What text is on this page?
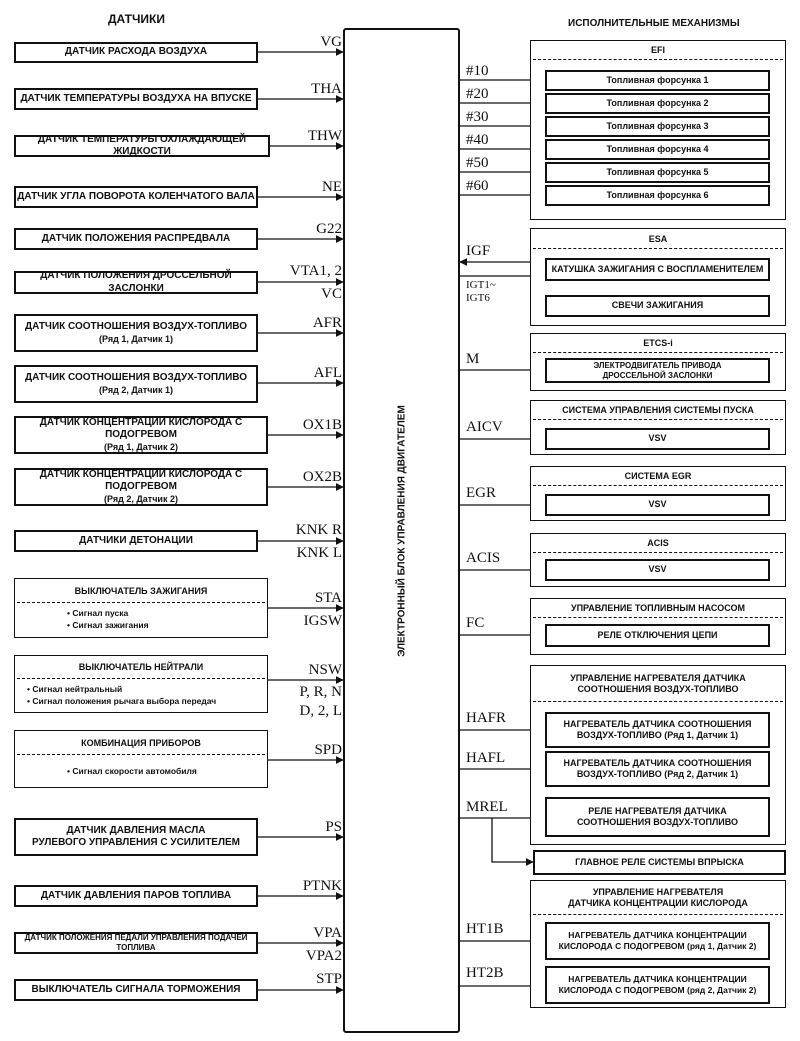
ДАТЧИКИ	ИСПОЛНИТЕЛЬНЫЕ МЕХАНИЗМЫ
ЭЛЕКТРОННЫЙ БЛОК УПРАВЛЕНИЯ ДВИГАТЕЛЕМ
ДАТЧИК РАСХОДА ВОЗДУХА
VG
ДАТЧИК ТЕМПЕРАТУРЫ ВОЗДУХА НА ВПУСКЕ
THA
ДАТЧИК ТЕМПЕРАТУРЫ ОХЛАЖДАЮЩЕЙ ЖИДКОСТИ
THW
ДАТЧИК УГЛА ПОВОРОТА КОЛЕНЧАТОГО ВАЛА
NE
ДАТЧИК ПОЛОЖЕНИЯ РАСПРЕДВАЛА
G22
ДАТЧИК ПОЛОЖЕНИЯ ДРОССЕЛЬНОЙ ЗАСЛОНКИ
VTA1, 2
VC
ДАТЧИК СООТНОШЕНИЯ ВОЗДУХ-ТОПЛИВО
(Ряд 1, Датчик 1)
AFR
ДАТЧИК СООТНОШЕНИЯ ВОЗДУХ-ТОПЛИВО
(Ряд 2, Датчик 1)
AFL
ДАТЧИК КОНЦЕНТРАЦИИ КИСЛОРОДА С ПОДОГРЕВОМ
(Ряд 1, Датчик 2)
OX1B
ДАТЧИК КОНЦЕНТРАЦИИ КИСЛОРОДА С ПОДОГРЕВОМ
(Ряд 2, Датчик 2)
OX2B
ДАТЧИКИ ДЕТОНАЦИИ
KNK R
KNK L
ВЫКЛЮЧАТЕЛЬ ЗАЖИГАНИЯ
• Сигнал пуска
• Сигнал зажигания
STA
IGSW
ВЫКЛЮЧАТЕЛЬ НЕЙТРАЛИ
• Сигнал нейтральный
• Сигнал положения рычага выбора передач
NSW
P, R, N
D, 2, L
КОМБИНАЦИЯ ПРИБОРОВ
• Сигнал скорости автомобиля
SPD
ДАТЧИК ДАВЛЕНИЯ МАСЛА
РУЛЕВОГО УПРАВЛЕНИЯ С УСИЛИТЕЛЕМ
PS
ДАТЧИК ДАВЛЕНИЯ ПАРОВ ТОПЛИВА
PTNK
ДАТЧИК ПОЛОЖЕНИЯ ПЕДАЛИ УПРАВЛЕНИЯ ПОДАЧЕЙ ТОПЛИВА
VPA
VPA2
ВЫКЛЮЧАТЕЛЬ СИГНАЛА ТОРМОЖЕНИЯ
STP
EFI
Топливная форсунка 1
Топливная форсунка 2
Топливная форсунка 3
Топливная форсунка 4
Топливная форсунка 5
Топливная форсунка 6
#10
#20
#30
#40
#50
#60
ESA
КАТУШКА ЗАЖИГАНИЯ С ВОСПЛАМЕНИТЕЛЕМ
СВЕЧИ ЗАЖИГАНИЯ
IGF
IGT1~
IGT6
ETCS-i
ЭЛЕКТРОДВИГАТЕЛЬ ПРИВОДА
ДРОССЕЛЬНОЙ ЗАСЛОНКИ
M
СИСТЕМА УПРАВЛЕНИЯ СИСТЕМЫ ПУСКА
VSV
AICV
СИСТЕМА EGR
VSV
EGR
ACIS
VSV
ACIS
УПРАВЛЕНИЕ ТОПЛИВНЫМ НАСОСОМ
РЕЛЕ ОТКЛЮЧЕНИЯ ЦЕПИ
FC
УПРАВЛЕНИЕ НАГРЕВАТЕЛЯ ДАТЧИКА
СООТНОШЕНИЯ ВОЗДУХ-ТОПЛИВО
НАГРЕВАТЕЛЬ ДАТЧИКА СООТНОШЕНИЯ
ВОЗДУХ-ТОПЛИВО (Ряд 1, Датчик 1)
НАГРЕВАТЕЛЬ ДАТЧИКА СООТНОШЕНИЯ
ВОЗДУХ-ТОПЛИВО (Ряд 2, Датчик 1)
РЕЛЕ НАГРЕВАТЕЛЯ ДАТЧИКА
СООТНОШЕНИЯ ВОЗДУХ-ТОПЛИВО
HAFR
HAFL
MREL
ГЛАВНОЕ РЕЛЕ СИСТЕМЫ ВПРЫСКА
УПРАВЛЕНИЕ НАГРЕВАТЕЛЯ
ДАТЧИКА КОНЦЕНТРАЦИИ КИСЛОРОДА
НАГРЕВАТЕЛЬ ДАТЧИКА КОНЦЕНТРАЦИИ
КИСЛОРОДА С ПОДОГРЕВОМ (ряд 1, Датчик 2)
НАГРЕВАТЕЛЬ ДАТЧИКА КОНЦЕНТРАЦИИ
КИСЛОРОДА С ПОДОГРЕВОМ (ряд 2, Датчик 2)
HT1B
HT2B
